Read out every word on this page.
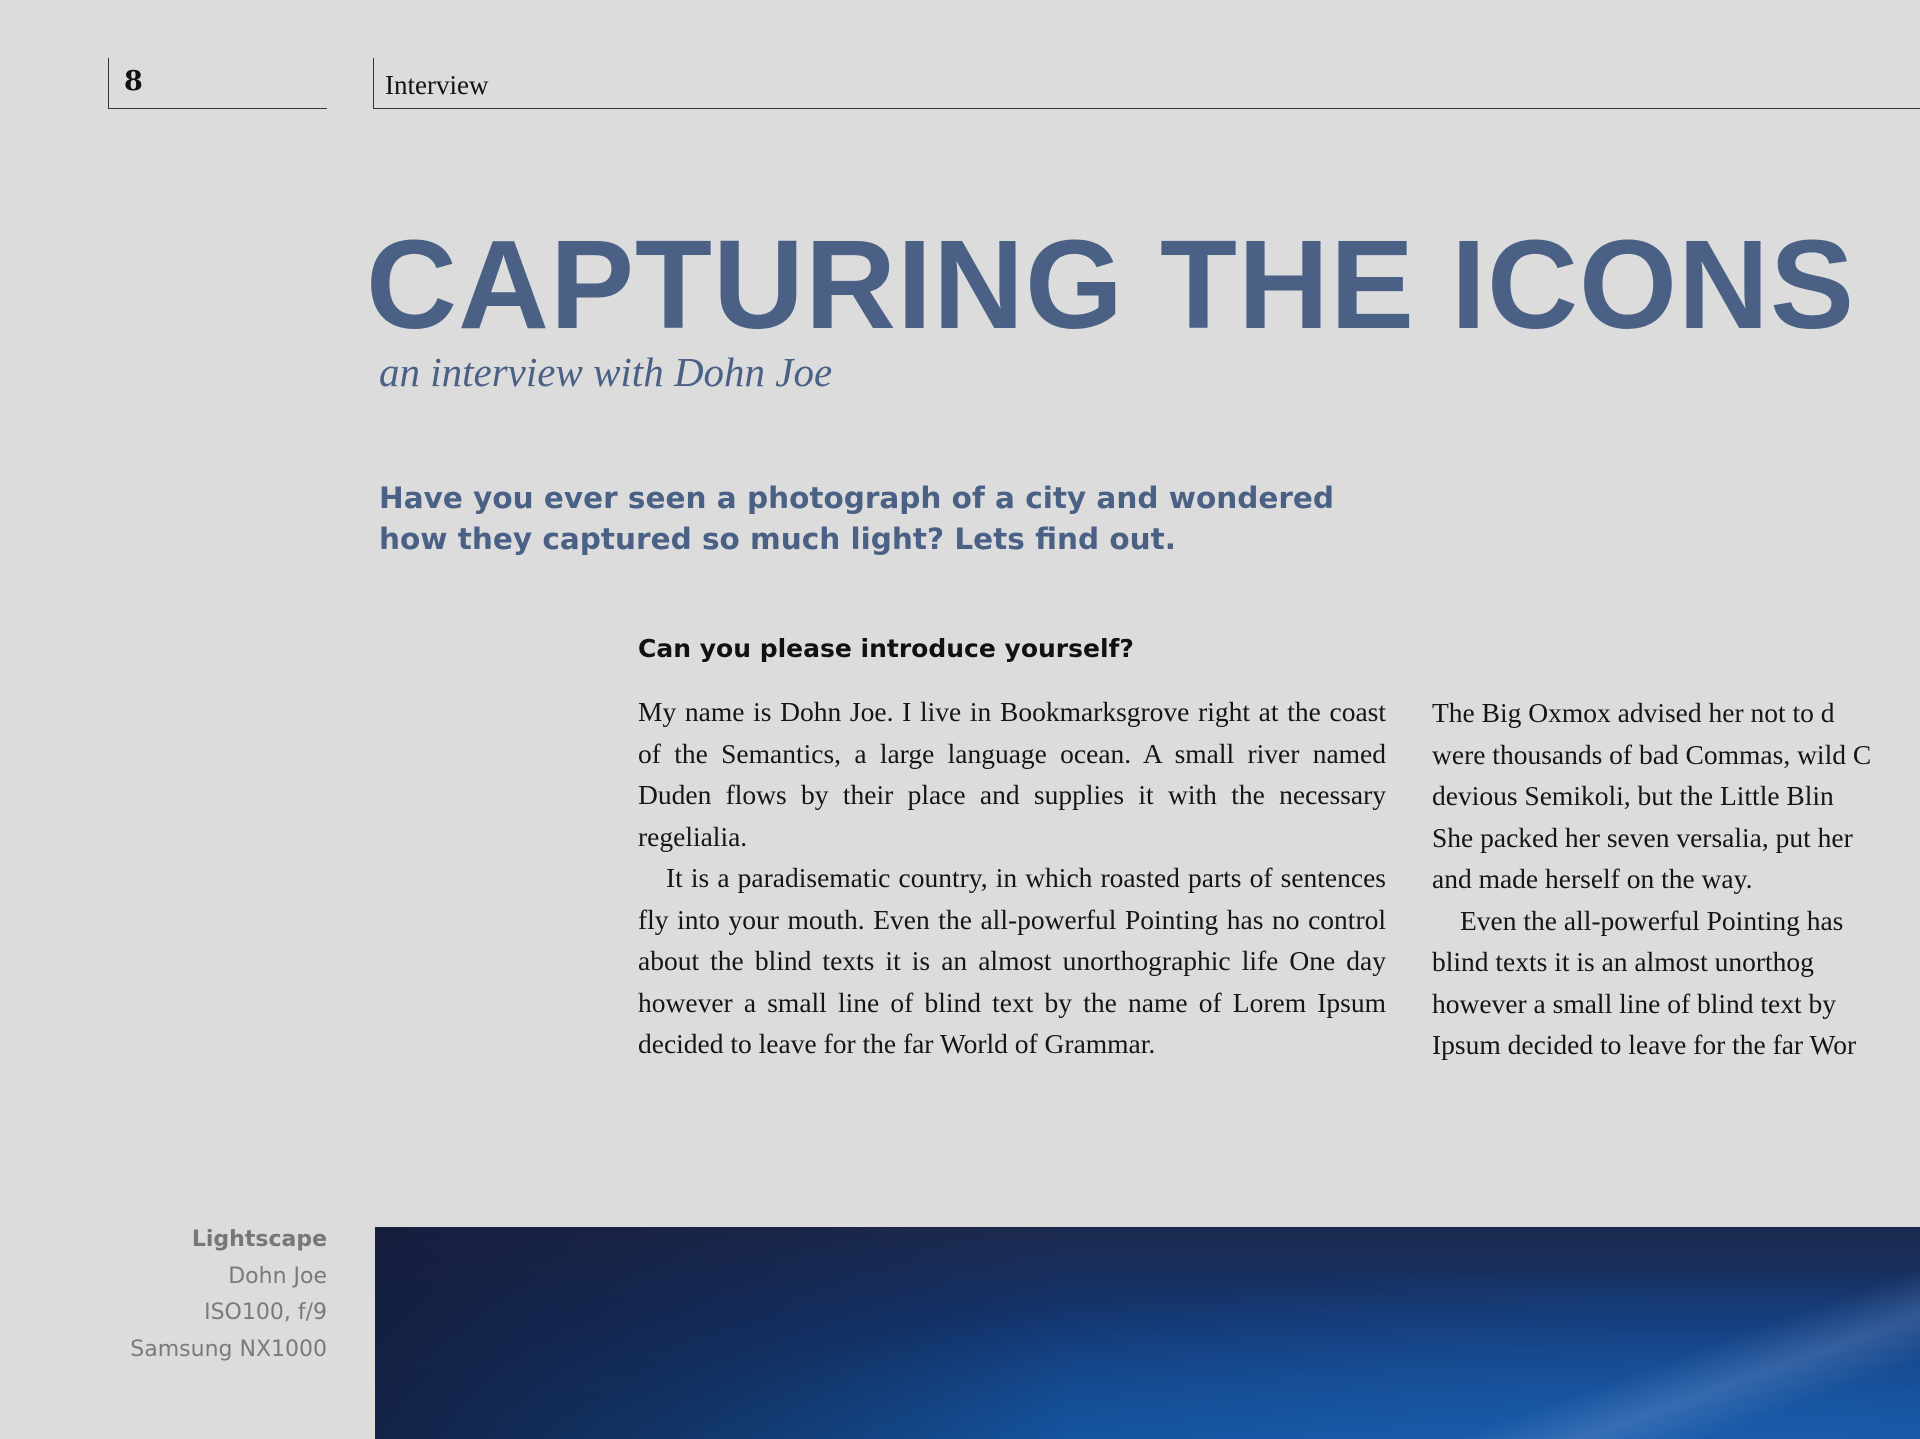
8	Interview
CAPTURING THE ICONS
an interview with Dohn Joe
Have you ever seen a photograph of a city and wondered
how they captured so much light? Lets find out.
Can you please introduce yourself?

My name is Dohn Joe. I live in Bookmarksgrove right at the coast of the Semantics, a large language ocean. A small river named Duden flows by their place and supplies it with the necessary regelialia.

It is a paradisematic country, in which roasted parts of sentences fly into your mouth. Even the all-powerful Pointing has no control about the blind texts it is an almost unorthographic life One day however a small line of blind text by the name of Lorem Ipsum decided to leave for the far World of Grammar.

The Big Oxmox advised her not to d
were thousands of bad Commas, wild C
devious Semikoli, but the Little Blin
She packed her seven versalia, put her
and made herself on the way.
Even the all-powerful Pointing has
blind texts it is an almost unorthog
however a small line of blind text by
Ipsum decided to leave for the far Wor
Lightscape
Dohn Joe
ISO100, f/9
Samsung NX1000
